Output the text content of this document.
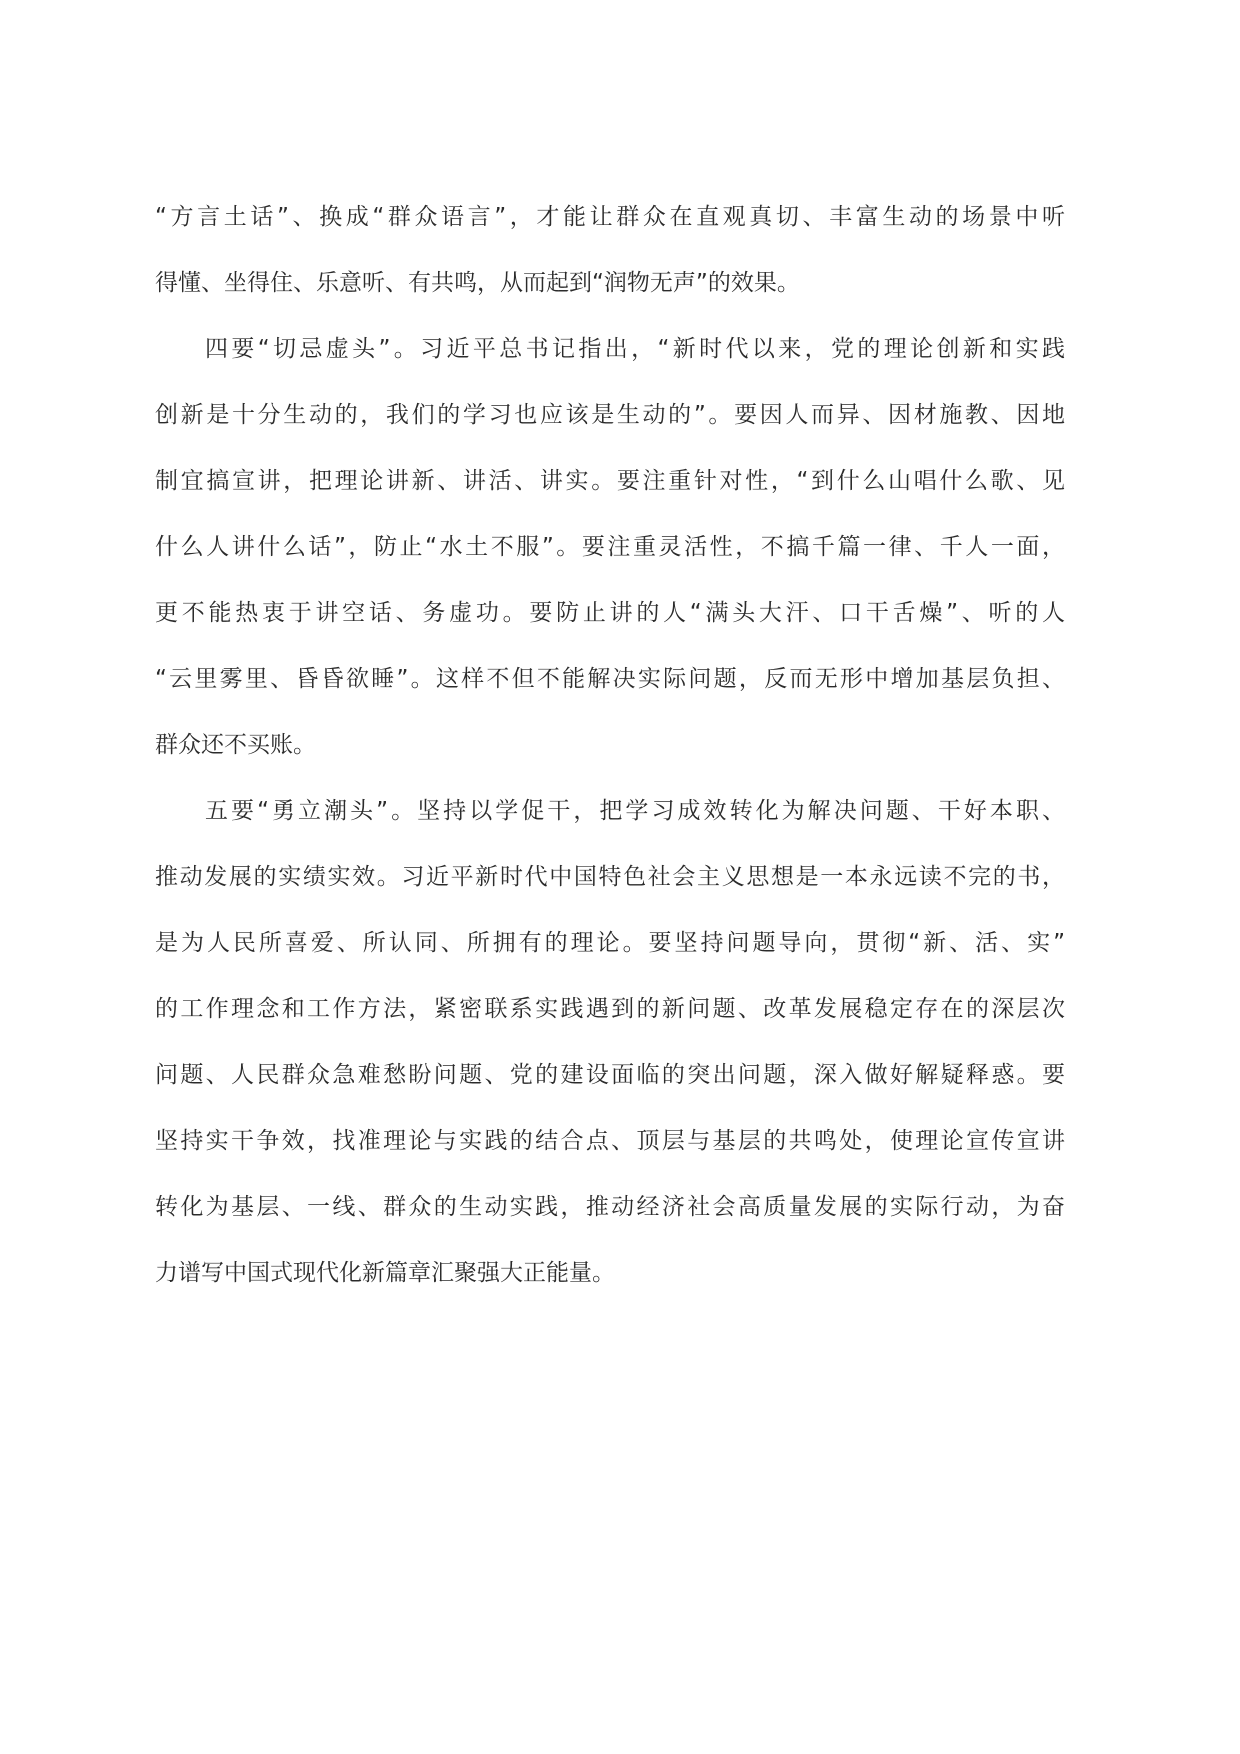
“方言土话”、换成“群众语言”，才能让群众在直观真切、丰富生动的场景中听
得懂、坐得住、乐意听、有共鸣，从而起到“润物无声”的效果。
四要“切忌虚头”。习近平总书记指出，“新时代以来，党的理论创新和实践
创新是十分生动的，我们的学习也应该是生动的”。要因人而异、因材施教、因地
制宜搞宣讲，把理论讲新、讲活、讲实。要注重针对性，“到什么山唱什么歌、见
什么人讲什么话”，防止“水土不服”。要注重灵活性，不搞千篇一律、千人一面，
更不能热衷于讲空话、务虚功。要防止讲的人“满头大汗、口干舌燥”、听的人
“云里雾里、昏昏欲睡”。这样不但不能解决实际问题，反而无形中增加基层负担、
群众还不买账。
五要“勇立潮头”。坚持以学促干，把学习成效转化为解决问题、干好本职、
推动发展的实绩实效。习近平新时代中国特色社会主义思想是一本永远读不完的书，
是为人民所喜爱、所认同、所拥有的理论。要坚持问题导向，贯彻“新、活、实”
的工作理念和工作方法，紧密联系实践遇到的新问题、改革发展稳定存在的深层次
问题、人民群众急难愁盼问题、党的建设面临的突出问题，深入做好解疑释惑。要
坚持实干争效，找准理论与实践的结合点、顶层与基层的共鸣处，使理论宣传宣讲
转化为基层、一线、群众的生动实践，推动经济社会高质量发展的实际行动，为奋
力谱写中国式现代化新篇章汇聚强大正能量。
